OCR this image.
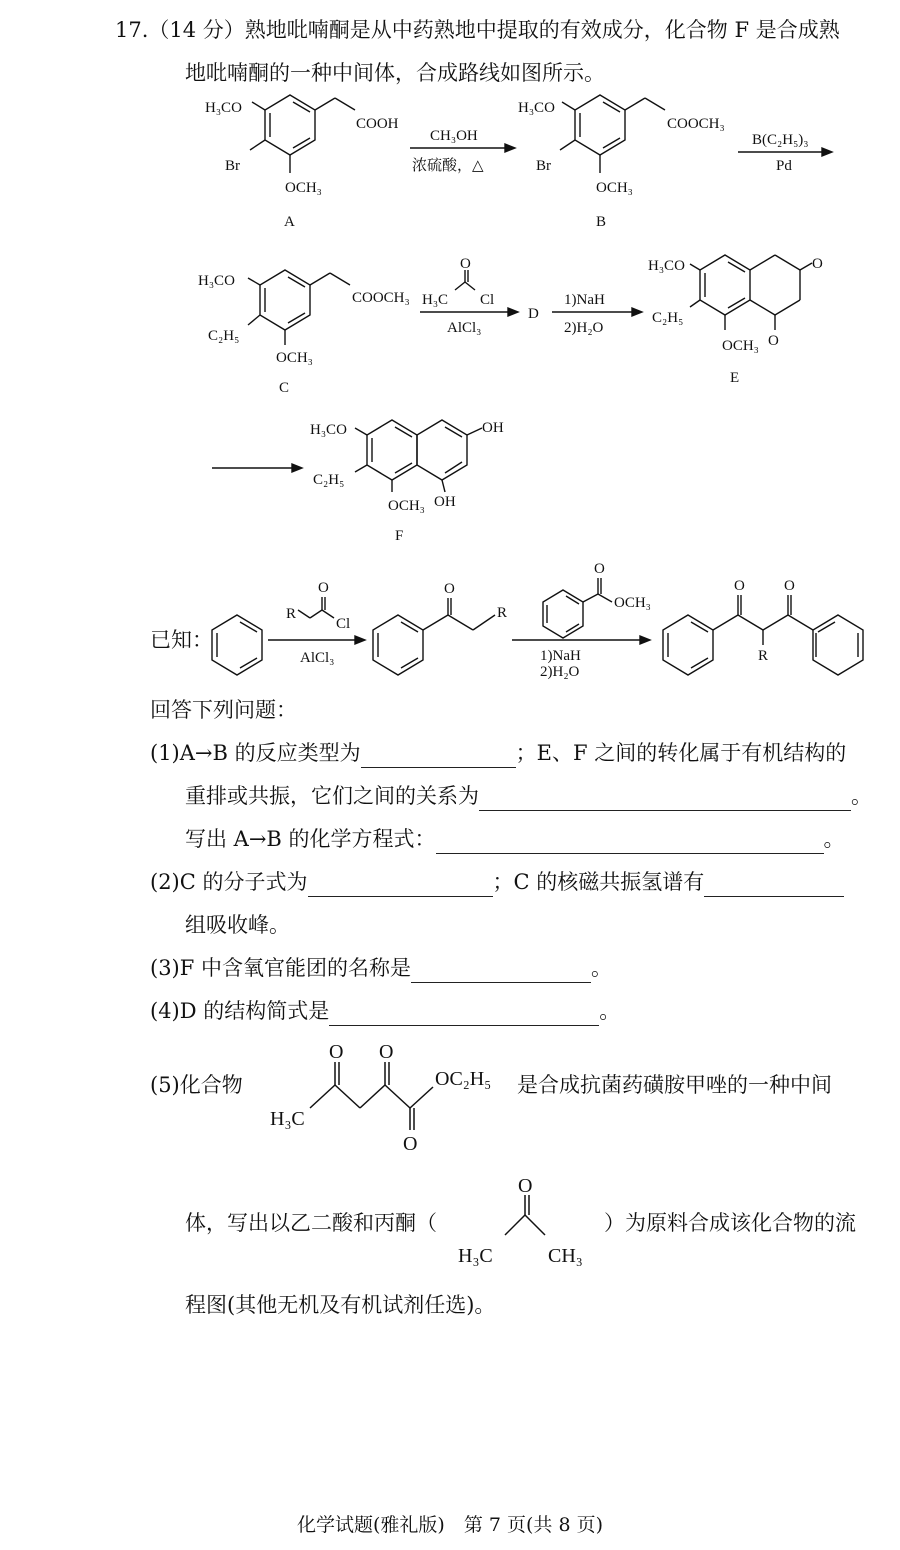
17.（14 分）熟地吡喃酮是从中药熟地中提取的有效成分，化合物 F 是合成熟
地吡喃酮的一种中间体，合成路线如图所示。
H₃CO
Br
OCH₃
COOH
A
CH₃OH
浓硫酸，△
H₃CO
Br
OCH₃
COOCH₃
B
B(C₂H₅)₃
Pd
H₃CO
C₂H₅
OCH₃
COOCH₃
C
O
H₃C Cl
AlCl₃
D
1)NaH
2)H₂O
H₃CO
C₂H₅
OCH₃
O
O
E
H₃CO
C₂H₅
OCH₃
OH
OH
F
R
O
Cl
AlCl₃
O
R
O
OCH₃
1)NaH
2)H₂O
O	O
R
已知：
回答下列问题：
(1)A→B 的反应类型为	；E、F 之间的转化属于有机结构的
重排或共振，它们之间的关系为	。
写出 A→B 的化学方程式：	。
(2)C 的分子式为	；C 的核磁共振氢谱有
组吸收峰。
(3)F 中含氧官能团的名称是	。
(4)D 的结构简式是	。
(5)化合物
O O
O
OC₂H₅
H₃C
O
H₃C	CH₃
是合成抗菌药磺胺甲唑的一种中间
体，写出以乙二酸和丙酮（	）为原料合成该化合物的流
程图(其他无机及有机试剂任选)。
化学试题(雅礼版)　第 7 页(共 8 页)
